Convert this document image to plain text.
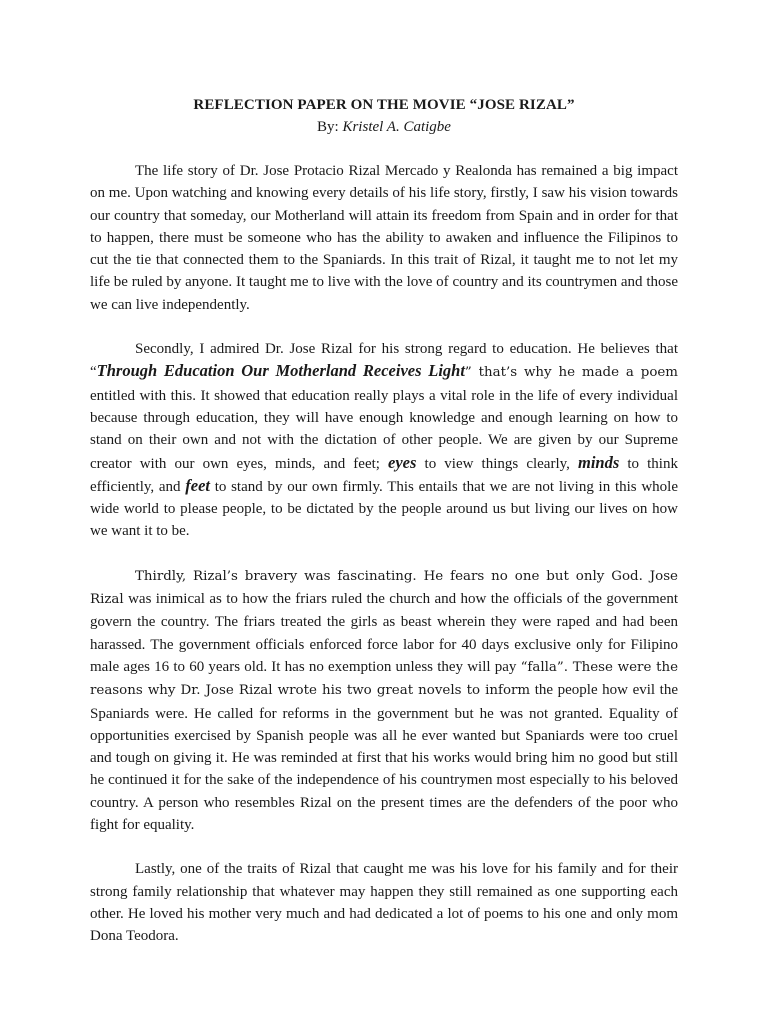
REFLECTION PAPER ON THE MOVIE “JOSE RIZAL”

By: Kristel A. Catigbe

The life story of Dr. Jose Protacio Rizal Mercado y Realonda has remained a big impact on me. Upon watching and knowing every details of his life story, firstly, I saw his vision towards our country that someday, our Motherland will attain its freedom from Spain and in order for that to happen, there must be someone who has the ability to awaken and influence the Filipinos to cut the tie that connected them to the Spaniards. In this trait of Rizal, it taught me to not let my life be ruled by anyone. It taught me to live with the love of country and its countrymen and those we can live independently.

Secondly, I admired Dr. Jose Rizal for his strong regard to education. He believes that “Through Education Our Motherland Receives Light” that’s why he made a poem entitled with this. It showed that education really plays a vital role in the life of every individual because through education, they will have enough knowledge and enough learning on how to stand on their own and not with the dictation of other people. We are given by our Supreme creator with our own eyes, minds, and feet; eyes to view things clearly, minds to think efficiently, and feet to stand by our own firmly. This entails that we are not living in this whole wide world to please people, to be dictated by the people around us but living our lives on how we want it to be.

Thirdly, Rizal’s bravery was fascinating. He fears no one but only God. Jose Rizal was inimical as to how the friars ruled the church and how the officials of the government govern the country. The friars treated the girls as beast wherein they were raped and had been harassed. The government officials enforced force labor for 40 days exclusive only for Filipino male ages 16 to 60 years old. It has no exemption unless they will pay “falla”. These were the reasons why Dr. Jose Rizal wrote his two great novels to inform the people how evil the Spaniards were. He called for reforms in the government but he was not granted. Equality of opportunities exercised by Spanish people was all he ever wanted but Spaniards were too cruel and tough on giving it. He was reminded at first that his works would bring him no good but still he continued it for the sake of the independence of his countrymen most especially to his beloved country. A person who resembles Rizal on the present times are the defenders of the poor who fight for equality.

Lastly, one of the traits of Rizal that caught me was his love for his family and for their strong family relationship that whatever may happen they still remained as one supporting each other. He loved his mother very much and had dedicated a lot of poems to his one and only mom Dona Teodora.
